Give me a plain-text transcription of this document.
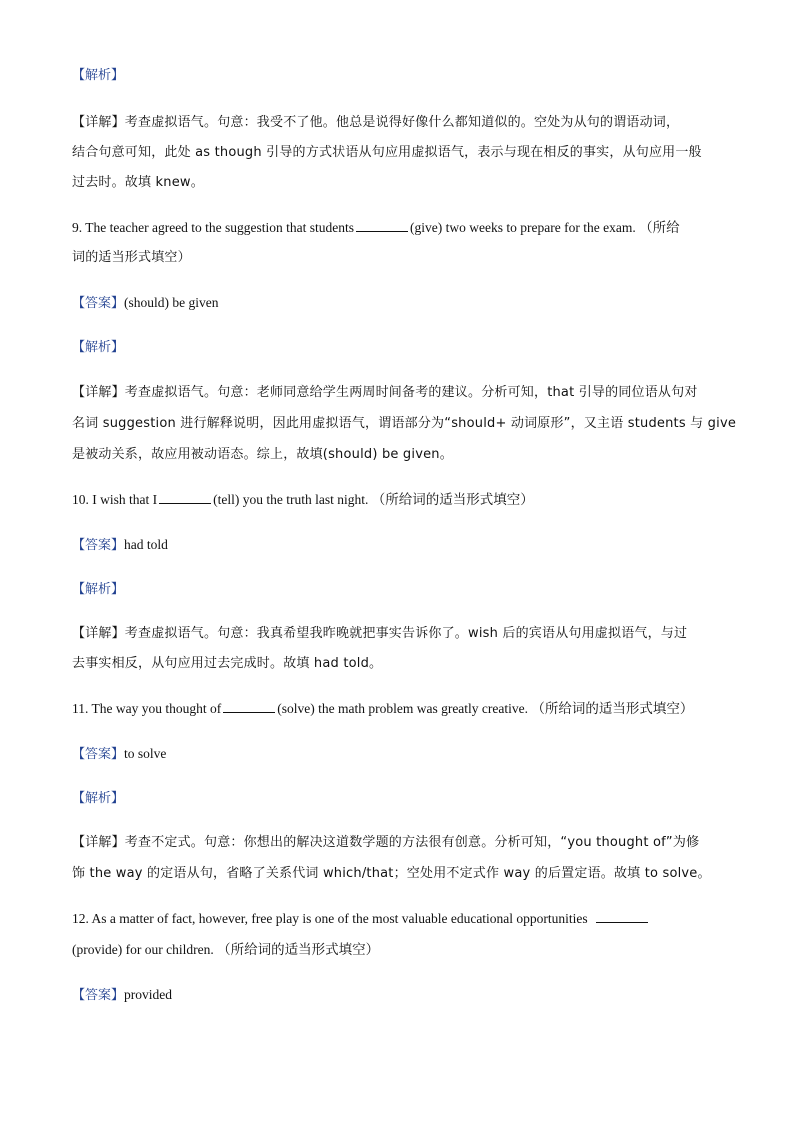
【解析】
【详解】考查虚拟语气。句意：我受不了他。他总是说得好像什么都知道似的。空处为从句的谓语动词，
结合句意可知，此处 as though 引导的方式状语从句应用虚拟语气，表示与现在相反的事实，从句应用一般
过去时。故填 knew。
9. The teacher agreed to the suggestion that students	(give) two weeks to prepare for the exam. （所给
词的适当形式填空）
【答案】(should) be given
【解析】
【详解】考查虚拟语气。句意：老师同意给学生两周时间备考的建议。分析可知，that 引导的同位语从句对
名词 suggestion 进行解释说明，因此用虚拟语气，谓语部分为“should+ 动词原形”，又主语 students 与 give
是被动关系，故应用被动语态。综上，故填(should) be given。
10. I wish that I	(tell) you the truth last night. （所给词的适当形式填空）
【答案】had told
【解析】
【详解】考查虚拟语气。句意：我真希望我昨晚就把事实告诉你了。wish 后的宾语从句用虚拟语气，与过
去事实相反，从句应用过去完成时。故填 had told。
11. The way you thought of	(solve) the math problem was greatly creative. （所给词的适当形式填空）
【答案】to solve
【解析】
【详解】考查不定式。句意：你想出的解决这道数学题的方法很有创意。分析可知，“you thought of”为修
饰 the way 的定语从句，省略了关系代词 which/that；空处用不定式作 way 的后置定语。故填 to solve。
12. As a matter of fact, however, free play is one of the most valuable educational opportunities
(provide) for our children. （所给词的适当形式填空）
【答案】provided
